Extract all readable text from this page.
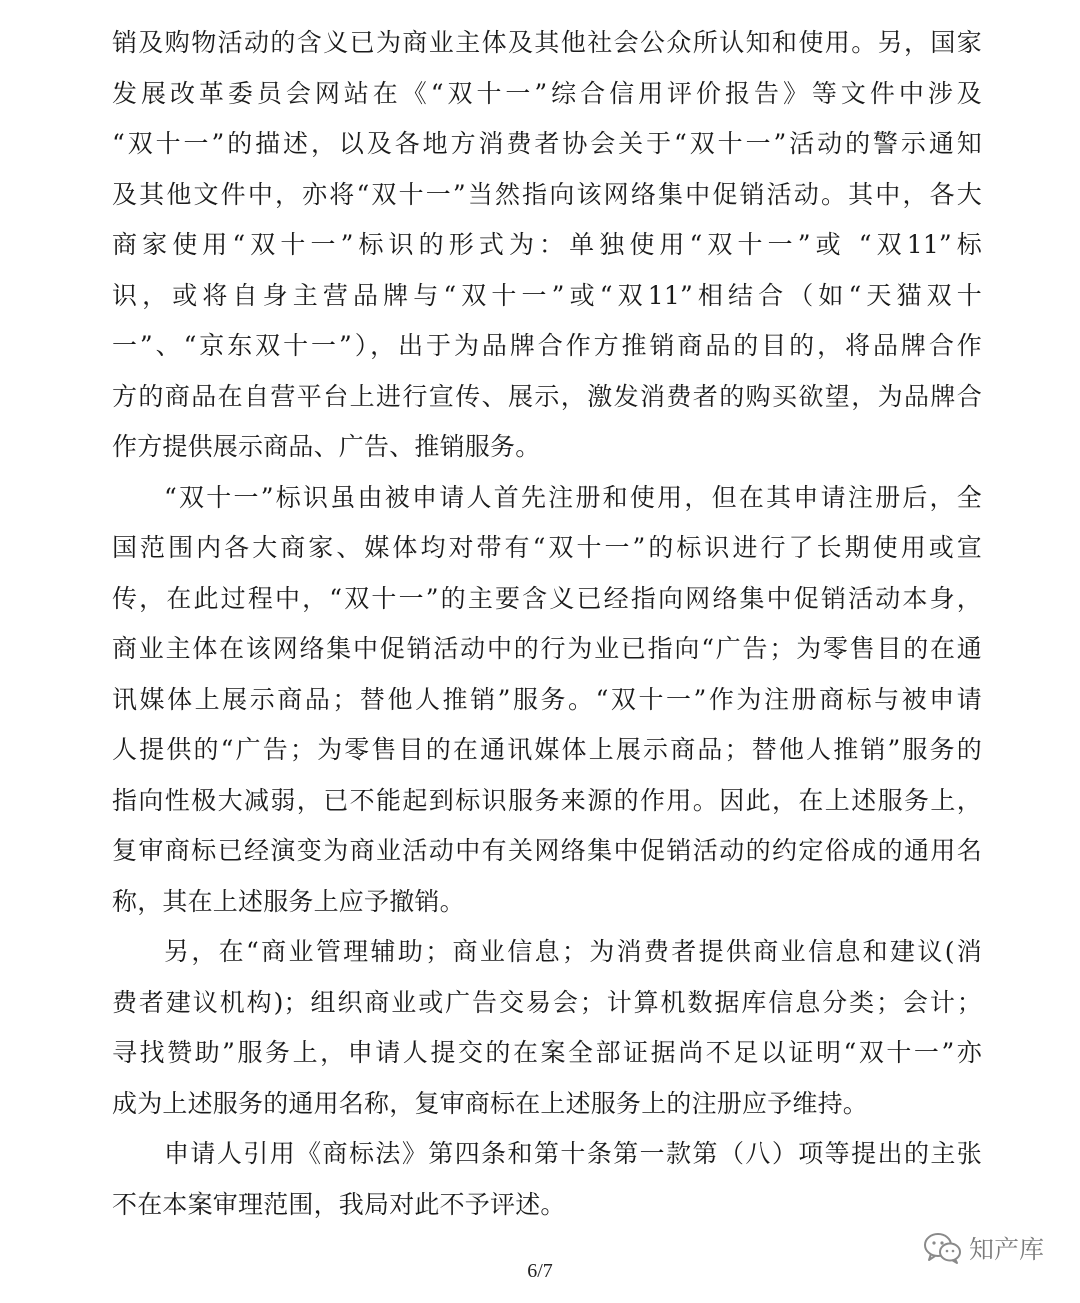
销及购物活动的含义已为商业主体及其他社会公众所认知和使用。另，国家
发展改革委员会网站在《“双十一”综合信用评价报告》等文件中涉及
“双十一”的描述，以及各地方消费者协会关于“双十一”活动的警示通知
及其他文件中，亦将“双十一”当然指向该网络集中促销活动。其中，各大
商家使用“双十一”标识的形式为：单独使用“双十一”或 “双11”标
识，或将自身主营品牌与“双十一”或“双11”相结合（如“天猫双十
一”、“京东双十一”），出于为品牌合作方推销商品的目的，将品牌合作
方的商品在自营平台上进行宣传、展示，激发消费者的购买欲望，为品牌合
作方提供展示商品、广告、推销服务。
“双十一”标识虽由被申请人首先注册和使用，但在其申请注册后，全
国范围内各大商家、媒体均对带有“双十一”的标识进行了长期使用或宣
传，在此过程中，“双十一”的主要含义已经指向网络集中促销活动本身，
商业主体在该网络集中促销活动中的行为业已指向“广告；为零售目的在通
讯媒体上展示商品；替他人推销”服务。“双十一”作为注册商标与被申请
人提供的“广告；为零售目的在通讯媒体上展示商品；替他人推销”服务的
指向性极大减弱，已不能起到标识服务来源的作用。因此，在上述服务上，
复审商标已经演变为商业活动中有关网络集中促销活动的约定俗成的通用名
称，其在上述服务上应予撤销。
另，在“商业管理辅助；商业信息；为消费者提供商业信息和建议(消
费者建议机构)；组织商业或广告交易会；计算机数据库信息分类；会计；
寻找赞助”服务上，申请人提交的在案全部证据尚不足以证明“双十一”亦
成为上述服务的通用名称，复审商标在上述服务上的注册应予维持。
申请人引用《商标法》第四条和第十条第一款第（八）项等提出的主张
不在本案审理范围，我局对此不予评述。
6/7
知产库
